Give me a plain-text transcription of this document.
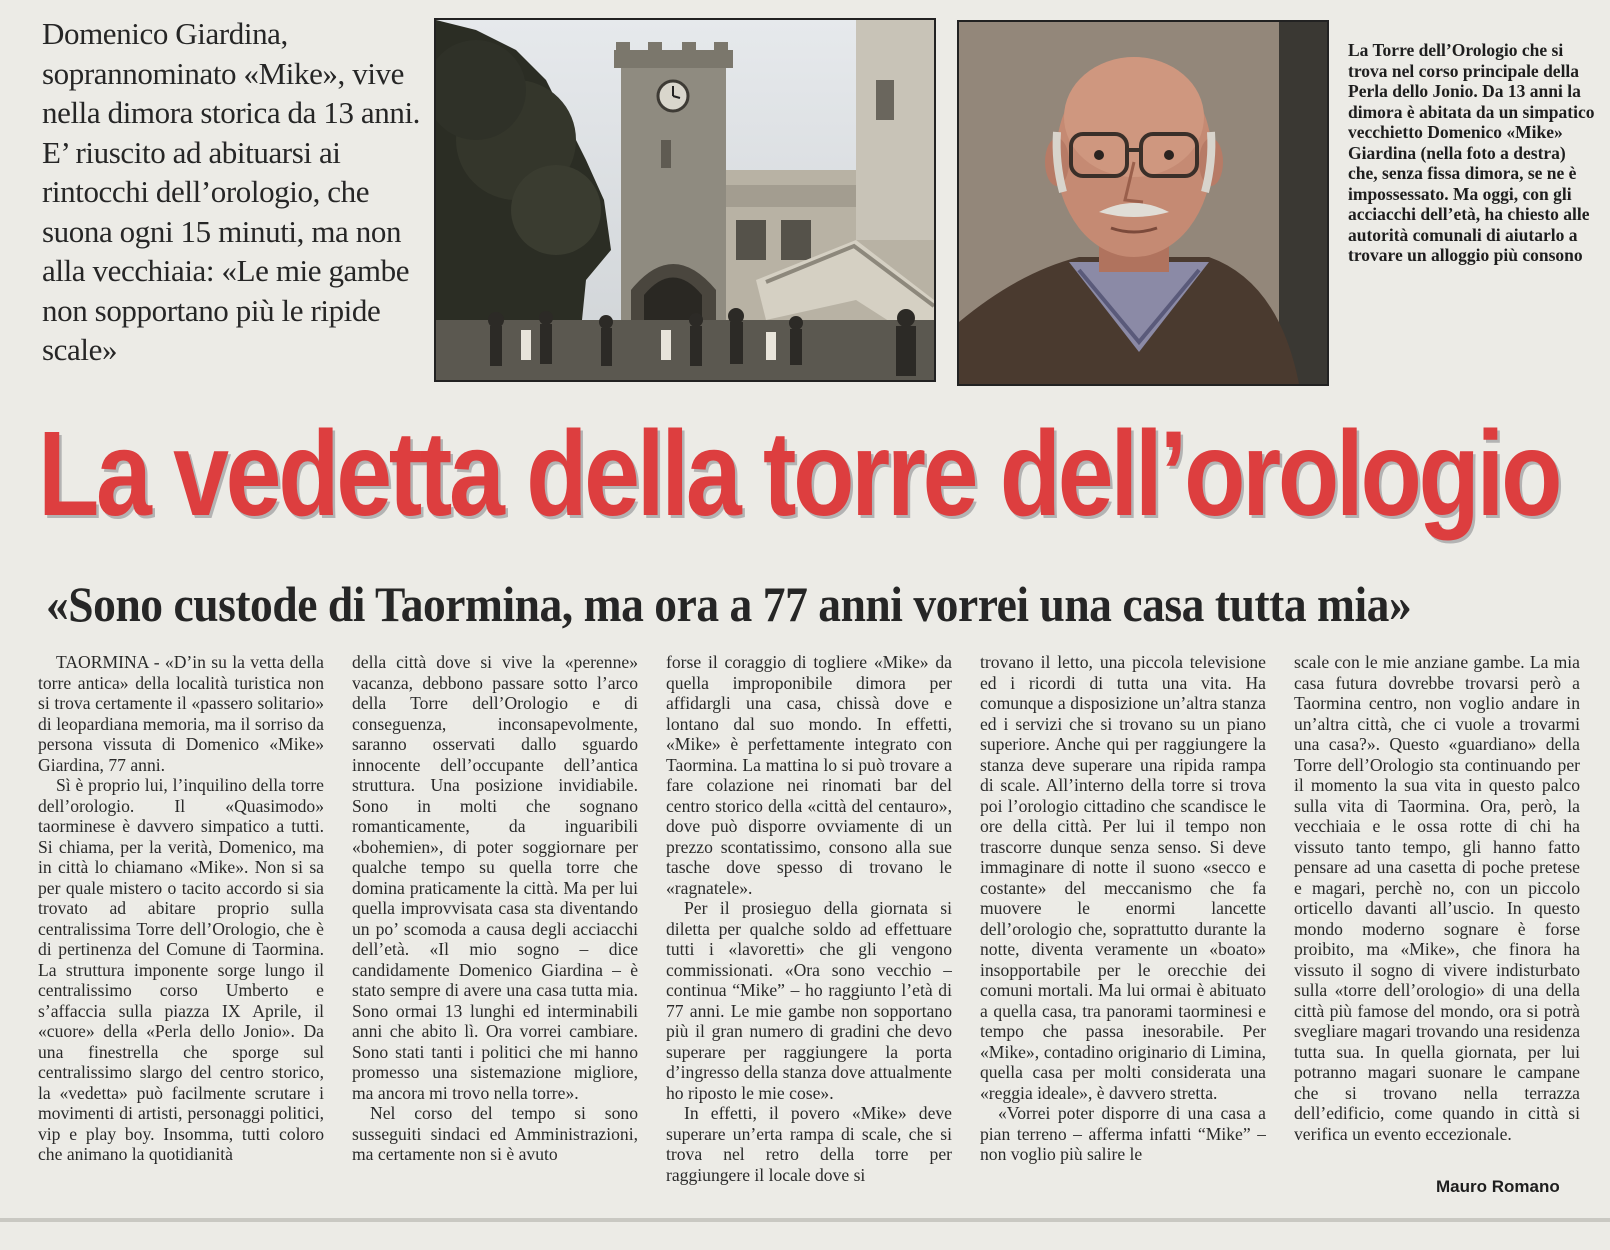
Domenico Giardina, soprannominato «Mike», vive nella dimora storica da 13 anni. E’ riuscito ad abituarsi ai rintocchi dell’orologio, che suona ogni 15 minuti, ma non alla vecchiaia: «Le mie gambe non sopportano più le ripide scale»
La Torre dell’Orologio che si trova nel corso principale della Perla dello Jonio. Da 13 anni la dimora è abitata da un simpatico vecchietto Domenico «Mike» Giardina (nella foto a destra) che, senza fissa dimora, se ne è impossessato. Ma oggi, con gli acciacchi dell’età, ha chiesto alle autorità comunali di aiutarlo a trovare un alloggio più consono
La vedetta della torre dell’orologio
«Sono custode di Taormina, ma ora a 77 anni vorrei una casa tutta mia»

TAORMINA - «D’in su la vetta della torre antica» della località turistica non si trova certamente il «passero solitario» di leopardiana memoria, ma il sorriso da persona vissuta di Domenico «Mike» Giardina, 77 anni.

Sì è proprio lui, l’inquilino della torre dell’orologio. Il «Quasimodo» taorminese è davvero simpatico a tutti. Si chiama, per la verità, Domenico, ma in città lo chiamano «Mike». Non si sa per quale mistero o tacito accordo si sia trovato ad abitare proprio sulla centralissima Torre dell’Orologio, che è di pertinenza del Comune di Taormina. La struttura imponente sorge lungo il centralissimo corso Umberto e s’affaccia sulla piazza IX Aprile, il «cuore» della «Perla dello Jonio». Da una finestrella che sporge sul centralissimo slargo del centro storico, la «vedetta» può facilmente scrutare i movimenti di artisti, personaggi politici, vip e play boy. Insomma, tutti coloro che animano la quotidianità

della città dove si vive la «perenne» vacanza, debbono passare sotto l’arco della Torre dell’Orologio e di conseguenza, inconsapevolmente, saranno osservati dallo sguardo innocente dell’occupante dell’antica struttura. Una posizione invidiabile. Sono in molti che sognano romanticamente, da inguaribili «bohemien», di poter soggiornare per qualche tempo su quella torre che domina praticamente la città. Ma per lui quella improvvisata casa sta diventando un po’ scomoda a causa degli acciacchi dell’età. «Il mio sogno – dice candidamente Domenico Giardina – è stato sempre di avere una casa tutta mia. Sono ormai 13 lunghi ed interminabili anni che abito lì. Ora vorrei cambiare. Sono stati tanti i politici che mi hanno promesso una sistemazione migliore, ma ancora mi trovo nella torre».

Nel corso del tempo si sono susseguiti sindaci ed Amministrazioni, ma certamente non si è avuto

forse il coraggio di togliere «Mike» da quella improponibile dimora per affidargli una casa, chissà dove e lontano dal suo mondo. In effetti, «Mike» è perfettamente integrato con Taormina. La mattina lo si può trovare a fare colazione nei rinomati bar del centro storico della «città del centauro», dove può disporre ovviamente di un prezzo scontatissimo, consono alla sue tasche dove spesso di trovano le «ragnatele».

Per il prosieguo della giornata si diletta per qualche soldo ad effettuare tutti i «lavoretti» che gli vengono commissionati. «Ora sono vecchio – continua “Mike” – ho raggiunto l’età di 77 anni. Le mie gambe non sopportano più il gran numero di gradini che devo superare per raggiungere la porta d’ingresso della stanza dove attualmente ho riposto le mie cose».

In effetti, il povero «Mike» deve superare un’erta rampa di scale, che si trova nel retro della torre per raggiungere il locale dove si

trovano il letto, una piccola televisione ed i ricordi di tutta una vita. Ha comunque a disposizione un’altra stanza ed i servizi che si trovano su un piano superiore. Anche qui per raggiungere la stanza deve superare una ripida rampa di scale. All’interno della torre si trova poi l’orologio cittadino che scandisce le ore della città. Per lui il tempo non trascorre dunque senza senso. Si deve immaginare di notte il suono «secco e costante» del meccanismo che fa muovere le enormi lancette dell’orologio che, soprattutto durante la notte, diventa veramente un «boato» insopportabile per le orecchie dei comuni mortali. Ma lui ormai è abituato a quella casa, tra panorami taorminesi e tempo che passa inesorabile. Per «Mike», contadino originario di Limina, quella casa per molti considerata una «reggia ideale», è davvero stretta.

«Vorrei poter disporre di una casa a pian terreno – afferma infatti “Mike” – non voglio più salire le

scale con le mie anziane gambe. La mia casa futura dovrebbe trovarsi però a Taormina centro, non voglio andare in un’altra città, che ci vuole a trovarmi una casa?». Questo «guardiano» della Torre dell’Orologio sta continuando per il momento la sua vita in questo palco sulla vita di Taormina. Ora, però, la vecchiaia e le ossa rotte di chi ha vissuto tanto tempo, gli hanno fatto pensare ad una casetta di poche pretese e magari, perchè no, con un piccolo orticello davanti all’uscio. In questo mondo moderno sognare è forse proibito, ma «Mike», che finora ha vissuto il sogno di vivere indisturbato sulla «torre dell’orologio» di una della città più famose del mondo, ora si potrà svegliare magari trovando una residenza tutta sua. In quella giornata, per lui potranno magari suonare le campane che si trovano nella terrazza dell’edificio, come quando in città si verifica un evento eccezionale.

Mauro Romano
